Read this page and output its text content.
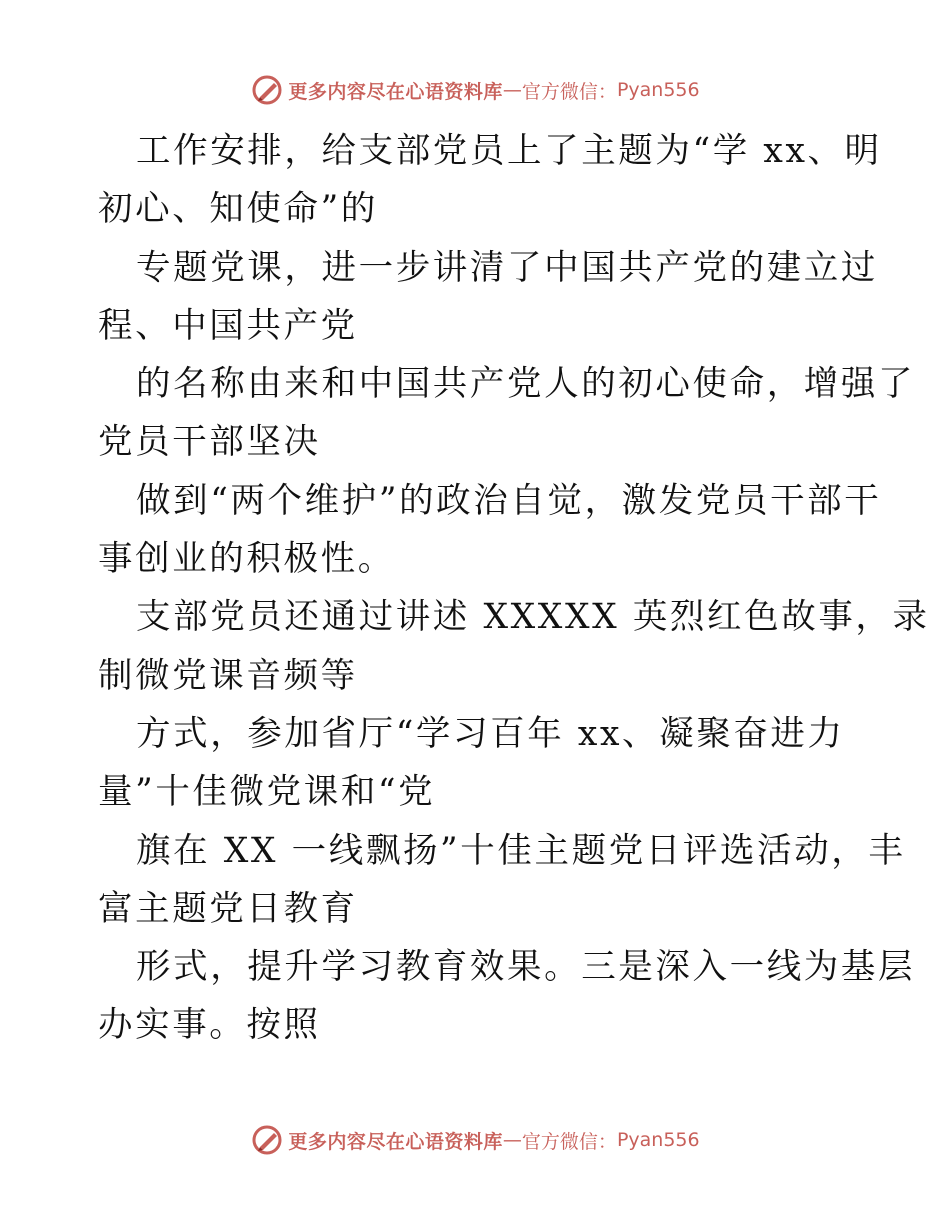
更多内容尽在心语资料库 — 官方微信： Pyan556
工作安排，给支部党员上了主题为“学 xx、明
初心、知使命”的
专题党课，进一步讲清了中国共产党的建立过
程、中国共产党
的名称由来和中国共产党人的初心使命，增强了
党员干部坚决
做到“两个维护”的政治自觉，激发党员干部干
事创业的积极性。
支部党员还通过讲述 XXXXX 英烈红色故事，录
制微党课音频等
方式，参加省厅“学习百年 xx、凝聚奋进力
量”十佳微党课和“党
旗在 XX 一线飘扬”十佳主题党日评选活动，丰
富主题党日教育
形式，提升学习教育效果。三是深入一线为基层
办实事。按照
更多内容尽在心语资料库 — 官方微信： Pyan556
